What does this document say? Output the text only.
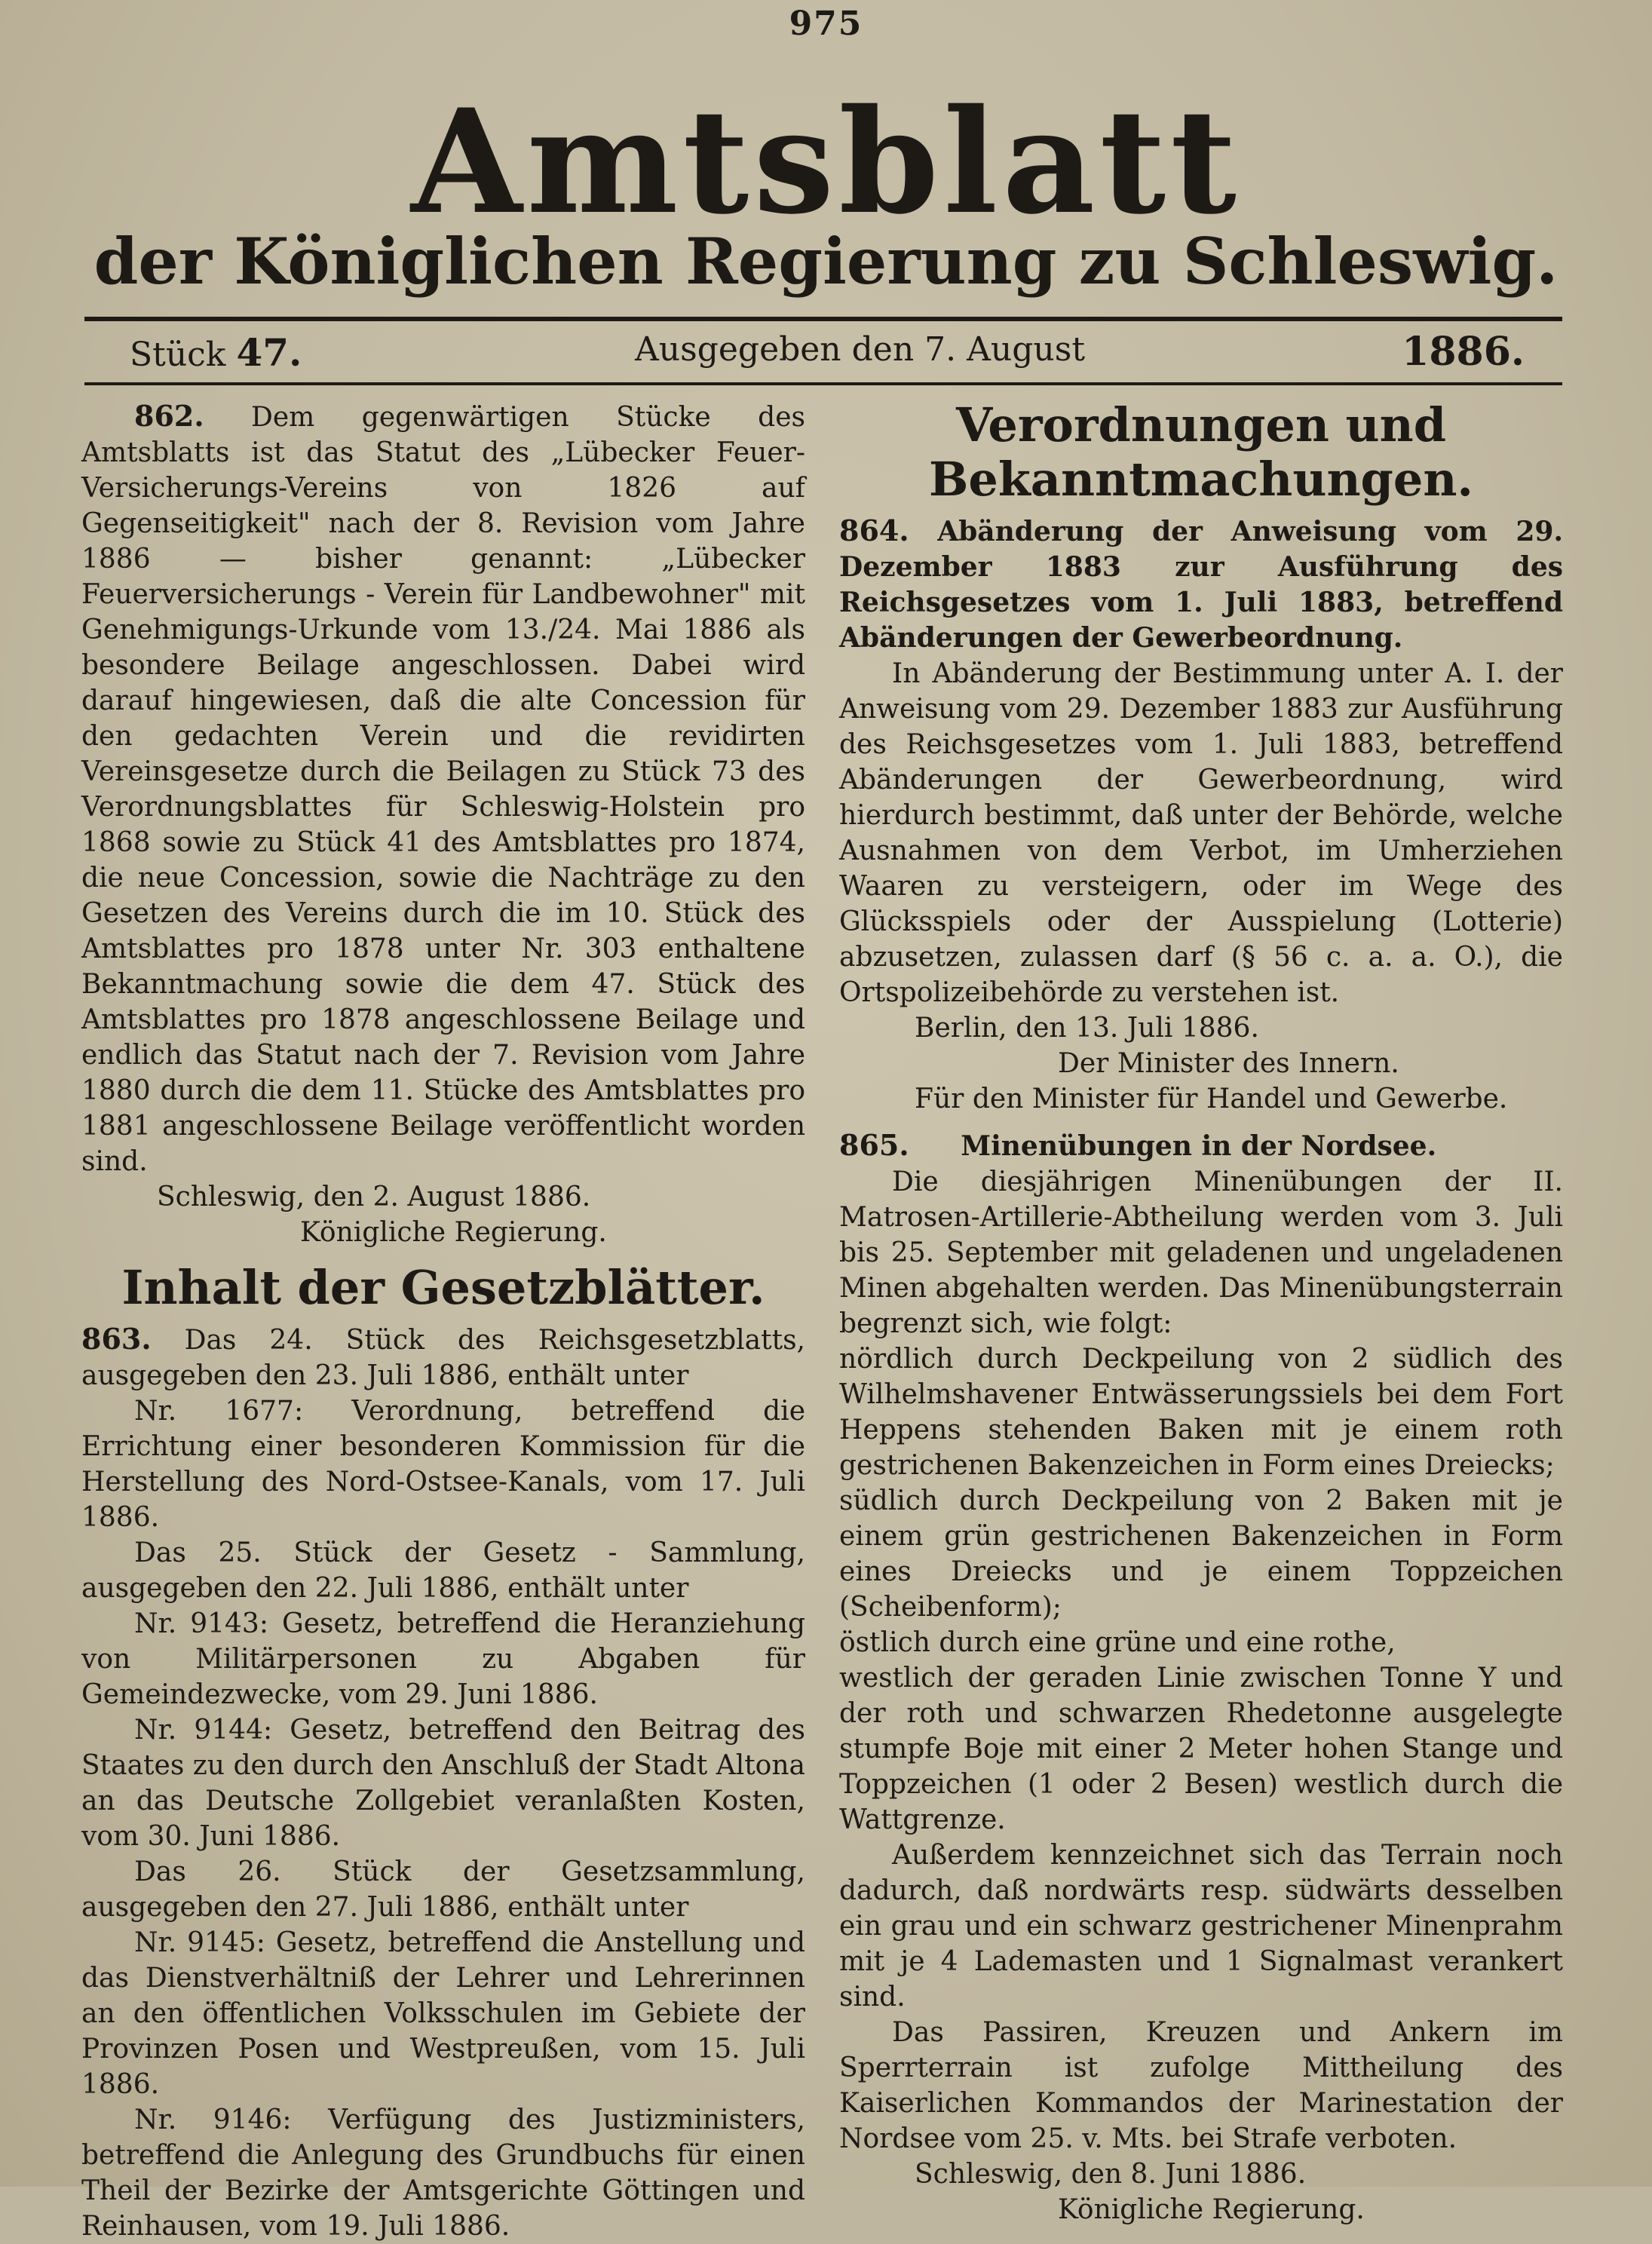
975
Amtsblatt
der Königlichen Regierung zu Schleswig.
Stück 47.	Ausgegeben den 7. August	1886.

862. Dem gegenwärtigen Stücke des Amtsblatts ist das Statut des „Lübecker Feuer-Versicherungs-Vereins von 1826 auf Gegenseitigkeit" nach der 8. Revision vom Jahre 1886 — bisher genannt: „Lübecker Feuerversicherungs - Verein für Landbewohner" mit Genehmigungs-Urkunde vom 13./24. Mai 1886 als besondere Beilage angeschlossen. Dabei wird darauf hingewiesen, daß die alte Concession für den gedachten Verein und die revidirten Vereinsgesetze durch die Beilagen zu Stück 73 des Verordnungsblattes für Schleswig-Holstein pro 1868 sowie zu Stück 41 des Amtsblattes pro 1874, die neue Concession, sowie die Nachträge zu den Gesetzen des Vereins durch die im 10. Stück des Amtsblattes pro 1878 unter Nr. 303 enthaltene Bekanntmachung sowie die dem 47. Stück des Amtsblattes pro 1878 angeschlossene Beilage und endlich das Statut nach der 7. Revision vom Jahre 1880 durch die dem 11. Stücke des Amtsblattes pro 1881 angeschlossene Beilage veröffentlicht worden sind.

Schleswig, den 2. August 1886.

Königliche Regierung.

Inhalt der Gesetzblätter.

863. Das 24. Stück des Reichsgesetzblatts, ausgegeben den 23. Juli 1886, enthält unter

Nr. 1677: Verordnung, betreffend die Errichtung einer besonderen Kommission für die Herstellung des Nord-Ostsee-Kanals, vom 17. Juli 1886.

Das 25. Stück der Gesetz - Sammlung, ausgegeben den 22. Juli 1886, enthält unter

Nr. 9143: Gesetz, betreffend die Heranziehung von Militärpersonen zu Abgaben für Gemeindezwecke, vom 29. Juni 1886.

Nr. 9144: Gesetz, betreffend den Beitrag des Staates zu den durch den Anschluß der Stadt Altona an das Deutsche Zollgebiet veranlaßten Kosten, vom 30. Juni 1886.

Das 26. Stück der Gesetzsammlung, ausgegeben den 27. Juli 1886, enthält unter

Nr. 9145: Gesetz, betreffend die Anstellung und das Dienstverhältniß der Lehrer und Lehrerinnen an den öffentlichen Volksschulen im Gebiete der Provinzen Posen und Westpreußen, vom 15. Juli 1886.

Nr. 9146: Verfügung des Justizministers, betreffend die Anlegung des Grundbuchs für einen Theil der Bezirke der Amtsgerichte Göttingen und Reinhausen, vom 19. Juli 1886.

Verordnungen und Bekanntmachungen.

864. Abänderung der Anweisung vom 29. Dezember 1883 zur Ausführung des Reichsgesetzes vom 1. Juli 1883, betreffend Abänderungen der Gewerbeordnung.

In Abänderung der Bestimmung unter A. I. der Anweisung vom 29. Dezember 1883 zur Ausführung des Reichsgesetzes vom 1. Juli 1883, betreffend Abänderungen der Gewerbeordnung, wird hierdurch bestimmt, daß unter der Behörde, welche Ausnahmen von dem Verbot, im Umherziehen Waaren zu versteigern, oder im Wege des Glücksspiels oder der Ausspielung (Lotterie) abzusetzen, zulassen darf (§ 56 c. a. a. O.), die Ortspolizeibehörde zu verstehen ist.

Berlin, den 13. Juli 1886.

Der Minister des Innern.

Für den Minister für Handel und Gewerbe.

865. Minenübungen in der Nordsee.

Die diesjährigen Minenübungen der II. Matrosen-Artillerie-Abtheilung werden vom 3. Juli bis 25. September mit geladenen und ungeladenen Minen abgehalten werden. Das Minenübungsterrain begrenzt sich, wie folgt:

nördlich durch Deckpeilung von 2 südlich des Wilhelmshavener Entwässerungssiels bei dem Fort Heppens stehenden Baken mit je einem roth gestrichenen Bakenzeichen in Form eines Dreiecks;

südlich durch Deckpeilung von 2 Baken mit je einem grün gestrichenen Bakenzeichen in Form eines Dreiecks und je einem Toppzeichen (Scheibenform);

östlich durch eine grüne und eine rothe,

westlich der geraden Linie zwischen Tonne Y und der roth und schwarzen Rhedetonne ausgelegte stumpfe Boje mit einer 2 Meter hohen Stange und Toppzeichen (1 oder 2 Besen) westlich durch die Wattgrenze.

Außerdem kennzeichnet sich das Terrain noch dadurch, daß nordwärts resp. südwärts desselben ein grau und ein schwarz gestrichener Minenprahm mit je 4 Lademasten und 1 Signalmast verankert sind.

Das Passiren, Kreuzen und Ankern im Sperrterrain ist zufolge Mittheilung des Kaiserlichen Kommandos der Marinestation der Nordsee vom 25. v. Mts. bei Strafe verboten.

Schleswig, den 8. Juni 1886.

Königliche Regierung.
